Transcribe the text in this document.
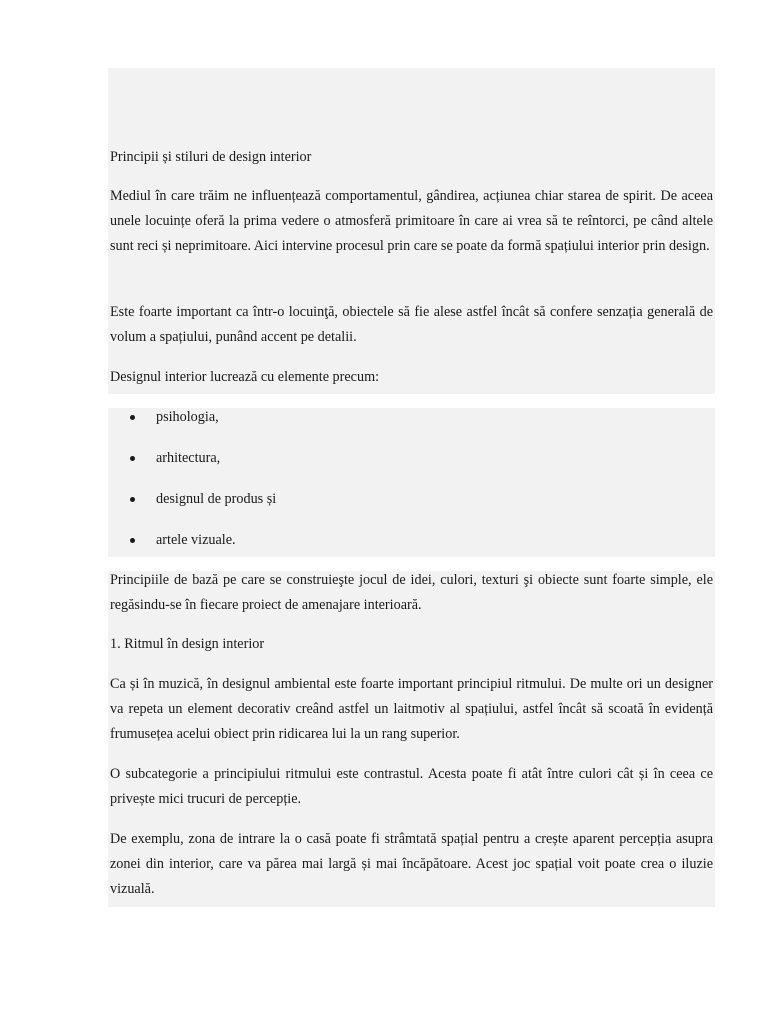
Principii și stiluri de design interior

Mediul în care trăim ne influențează comportamentul, gândirea, acțiunea chiar starea de spirit. De aceea unele locuințe oferă la prima vedere o atmosferă primitoare în care ai vrea să te reîntorci, pe când altele sunt reci și neprimitoare. Aici intervine procesul prin care se poate da formă spațiului interior prin design.

Este foarte important ca într-o locuinţă, obiectele să fie alese astfel încât să confere senzația generală de volum a spațiului, punând accent pe detalii.

Designul interior lucrează cu elemente precum:

psihologia,
arhitectura,
designul de produs și
artele vizuale.

Principiile de bază pe care se construieşte jocul de idei, culori, texturi şi obiecte sunt foarte simple, ele regăsindu-se în fiecare proiect de amenajare interioară.

1. Ritmul în design interior

Ca și în muzică, în designul ambiental este foarte important principiul ritmului. De multe ori un designer va repeta un element decorativ creând astfel un laitmotiv al spațiului, astfel încât să scoată în evidență frumusețea acelui obiect prin ridicarea lui la un rang superior.

O subcategorie a principiului ritmului este contrastul. Acesta poate fi atât între culori cât și în ceea ce privește mici trucuri de percepție.

De exemplu, zona de intrare la o casă poate fi strâmtată spațial pentru a crește aparent percepția asupra zonei din interior, care va părea mai largă și mai încăpătoare. Acest joc spațial voit poate crea o iluzie vizuală.
